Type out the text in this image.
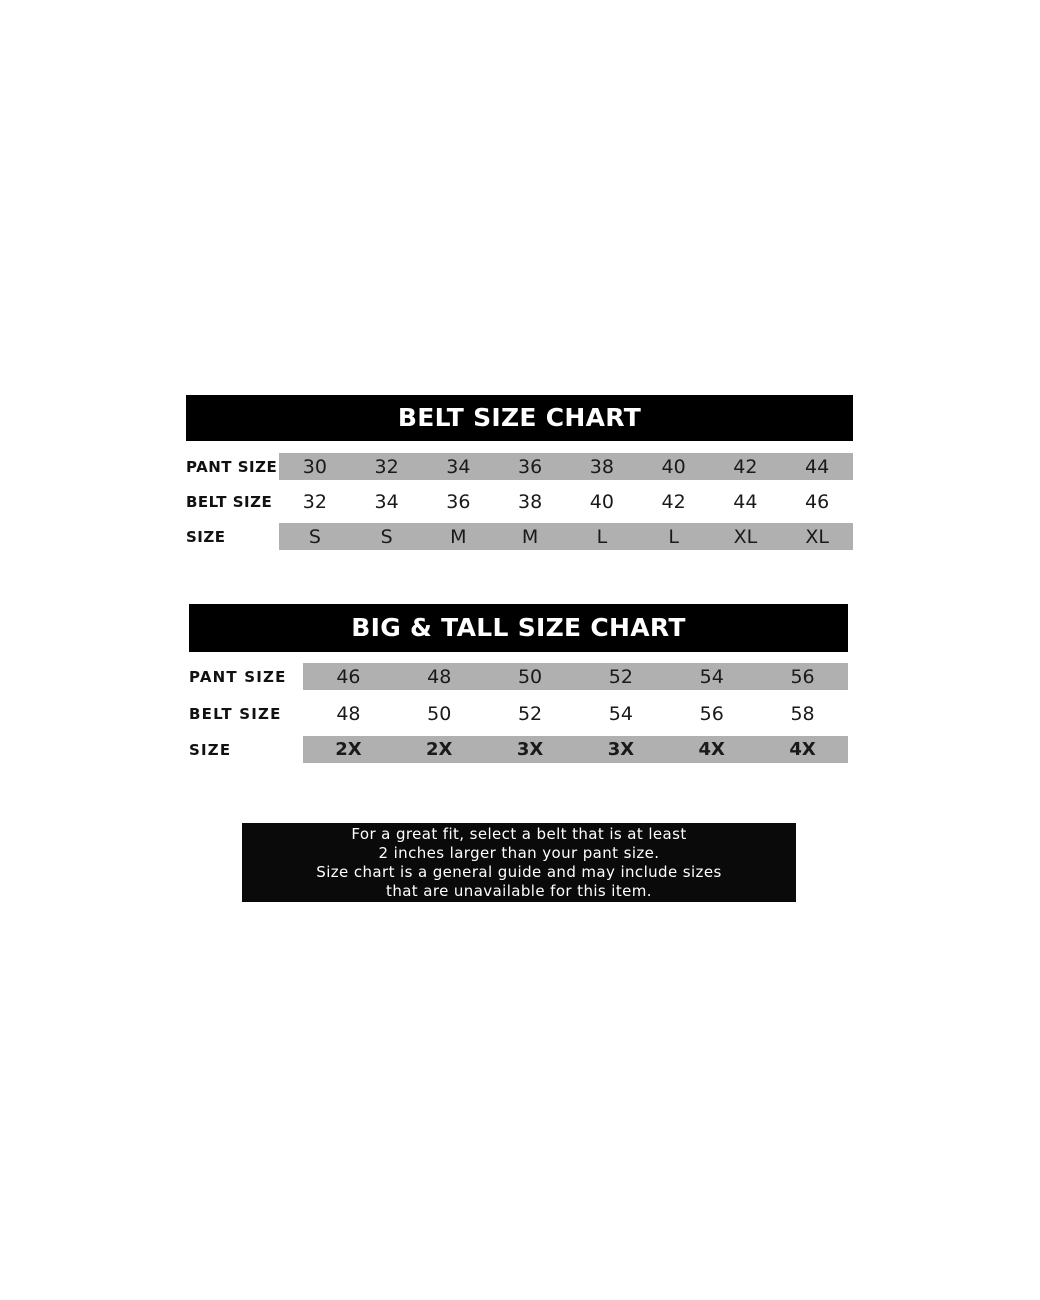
BELT SIZE CHART
PANT SIZE	30	32	34	36	38	40	42	44
BELT SIZE	32	34	36	38	40	42	44	46
SIZE	S	S	M	M	L	L	XL	XL
BIG & TALL SIZE CHART
PANT SIZE	46	48	50	52	54	56
BELT SIZE	48	50	52	54	56	58
SIZE	2X	2X	3X	3X	4X	4X
For a great fit, select a belt that is at least
2 inches larger than your pant size.
Size chart is a general guide and may include sizes
that are unavailable for this item.
